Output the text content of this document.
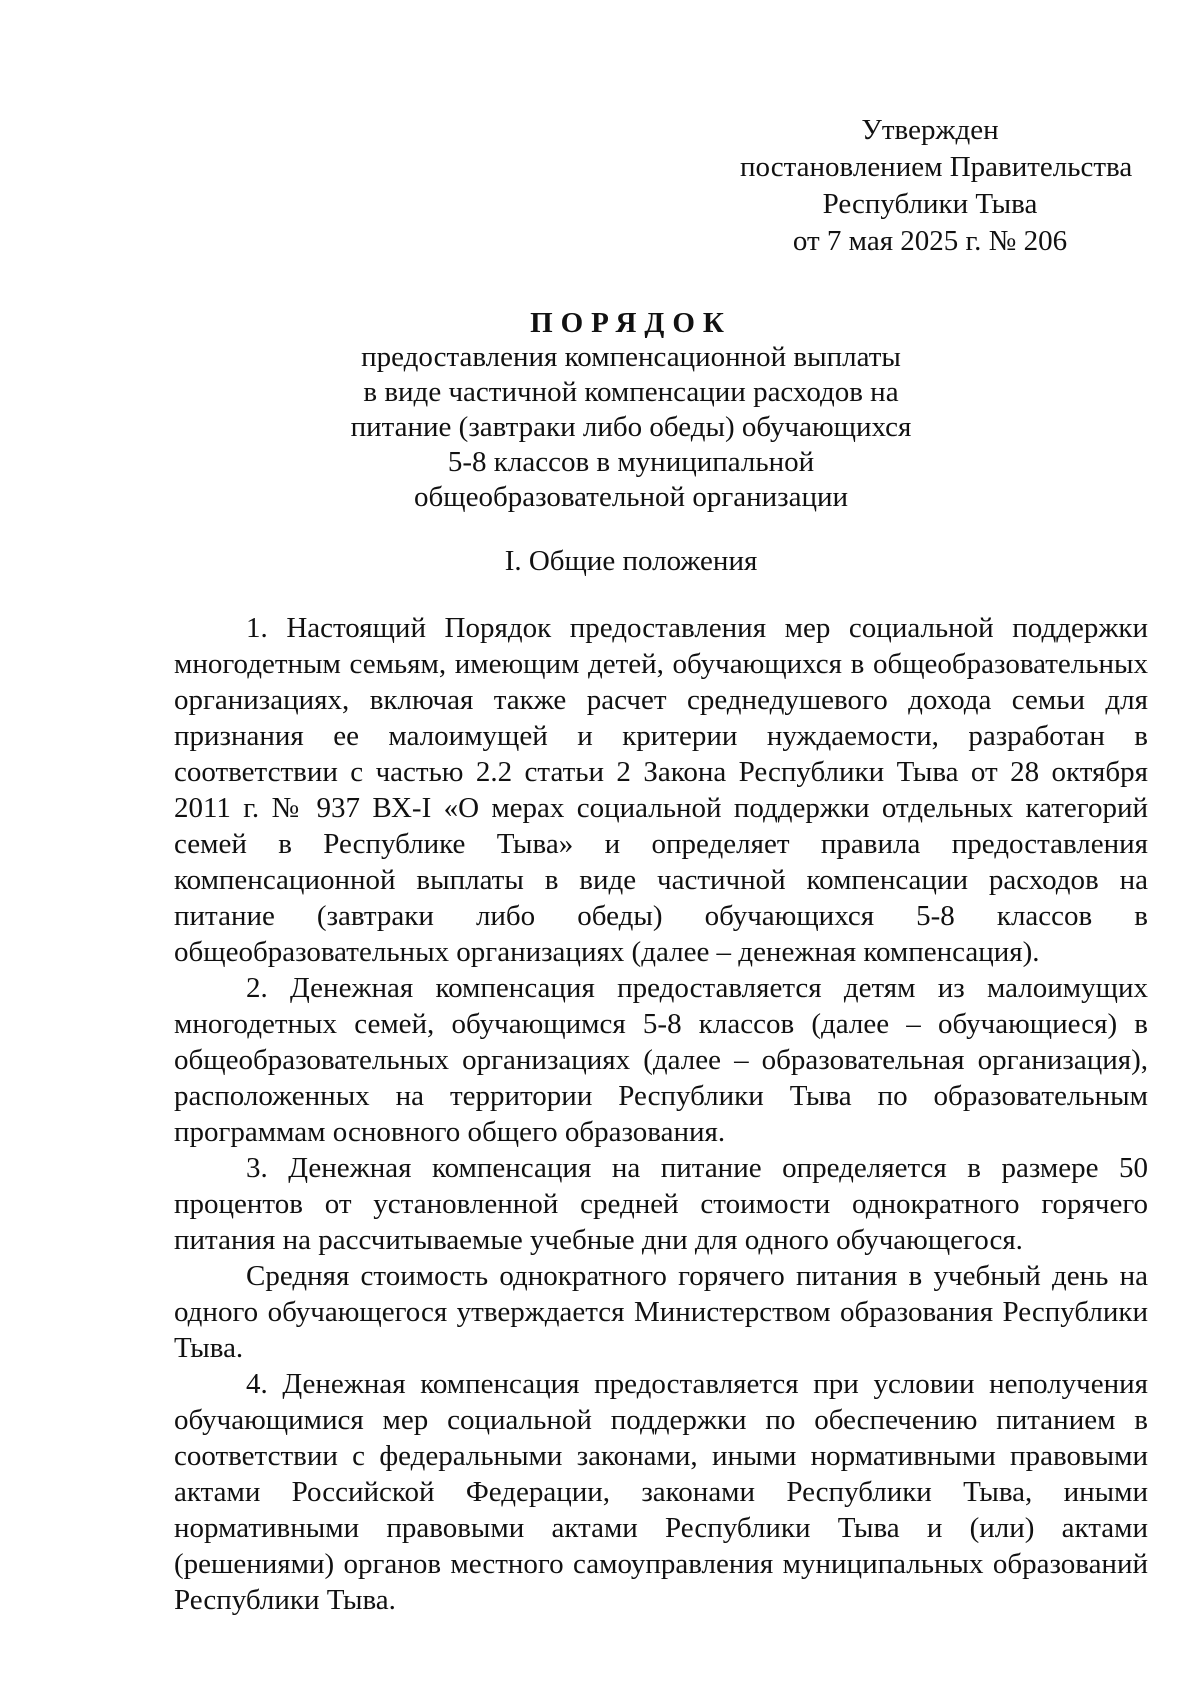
Утвержден
постановлением Правительства
Республики Тыва
от 7 мая 2025 г. № 206
ПОРЯДОК
предоставления компенсационной выплаты
в виде частичной компенсации расходов на
питание (завтраки либо обеды) обучающихся
5-8 классов в муниципальной
общеобразовательной организации
I. Общие положения

1. Настоящий Порядок предоставления мер социальной поддержки многодетным семьям, имеющим детей, обучающихся в общеобразовательных организациях, включая также расчет среднедушевого дохода семьи для признания ее малоимущей и критерии нуждаемости, разработан в соответствии с частью 2.2 статьи 2 Закона Республики Тыва от 28 октября 2011 г. № 937 ВХ-I «О мерах социальной поддержки отдельных категорий семей в Республике Тыва» и определяет правила предоставления компенсационной выплаты в виде частичной компенсации расходов на питание (завтраки либо обеды) обучающихся 5-8 классов в общеобразовательных организациях (далее – денежная компенсация).

2. Денежная компенсация предоставляется детям из малоимущих многодетных семей, обучающимся 5-8 классов (далее – обучающиеся) в общеобразовательных организациях (далее – образовательная организация), расположенных на территории Республики Тыва по образовательным программам основного общего образования.

3. Денежная компенсация на питание определяется в размере 50 процентов от установленной средней стоимости однократного горячего питания на рассчитываемые учебные дни для одного обучающегося.

Средняя стоимость однократного горячего питания в учебный день на одного обучающегося утверждается Министерством образования Республики Тыва.

4. Денежная компенсация предоставляется при условии неполучения обучающимися мер социальной поддержки по обеспечению питанием в соответствии с федеральными законами, иными нормативными правовыми актами Российской Федерации, законами Республики Тыва, иными нормативными правовыми актами Республики Тыва и (или) актами (решениями) органов местного самоуправления муниципальных образований Республики Тыва.
